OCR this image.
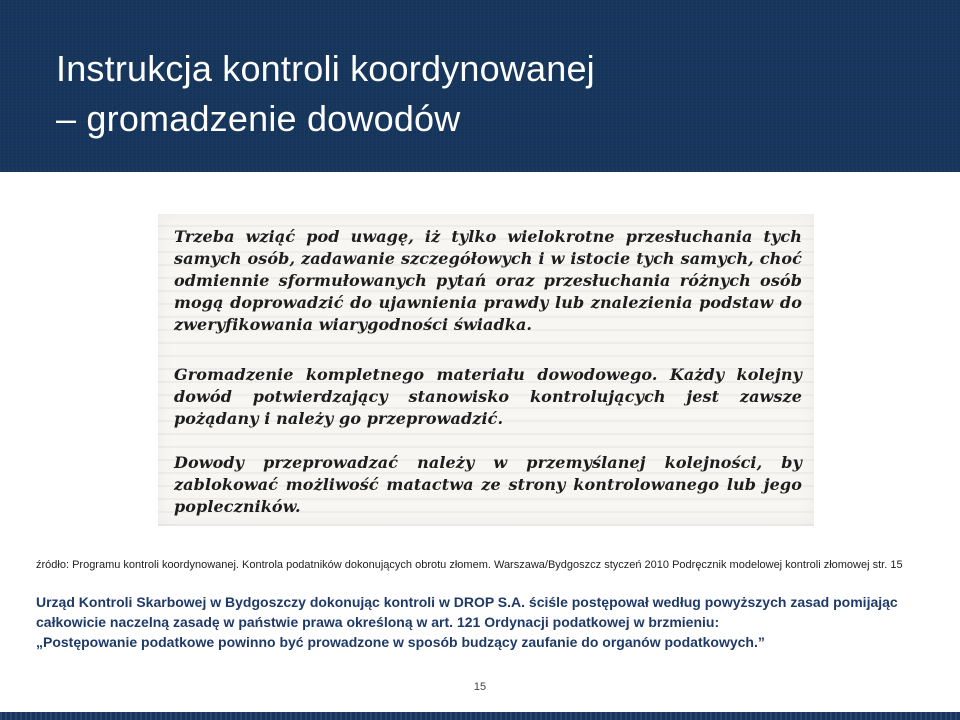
Instrukcja kontroli koordynowanej
– gromadzenie dowodów

Trzeba wziąć pod uwagę, iż tylko wielokrotne przesłuchania tych samych osób, zadawanie szczegółowych i w istocie tych samych, choć odmiennie sformułowanych pytań oraz przesłuchania różnych osób mogą doprowadzić do ujawnienia prawdy lub znalezienia podstaw do zweryfikowania wiarygodności świadka.

Gromadzenie kompletnego materiału dowodowego. Każdy kolejny dowód potwierdzający stanowisko kontrolujących jest zawsze pożądany i należy go przeprowadzić.

Dowody przeprowadzać należy w przemyślanej kolejności, by zablokować możliwość matactwa ze strony kontrolowanego lub jego popleczników.

źródło: Programu kontroli koordynowanej. Kontrola podatników dokonujących obrotu złomem. Warszawa/Bydgoszcz styczeń 2010 Podręcznik modelowej kontroli złomowej str. 15

Urząd Kontroli Skarbowej w Bydgoszczy dokonując kontroli w DROP S.A. ściśle postępował według powyższych zasad pomijając
całkowicie naczelną zasadę w państwie prawa określoną w art. 121 Ordynacji podatkowej w brzmieniu:
„Postępowanie podatkowe powinno być prowadzone w sposób budzący zaufanie do organów podatkowych.”

15
